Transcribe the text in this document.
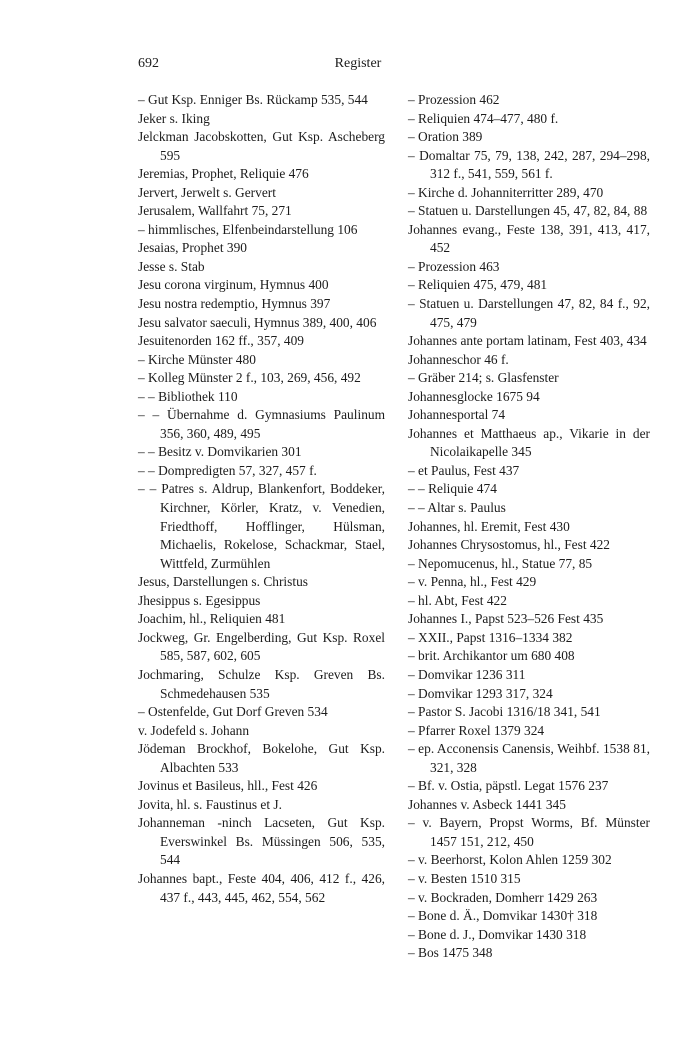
692	Register

– Gut Ksp. Enniger Bs. Rückamp 535, 544

Jeker s. Iking

Jelckman Jacobskotten, Gut Ksp. Ascheberg 595

Jeremias, Prophet, Reliquie 476

Jervert, Jerwelt s. Gervert

Jerusalem, Wallfahrt 75, 271

– himmlisches, Elfenbeindarstellung 106

Jesaias, Prophet 390

Jesse s. Stab

Jesu corona virginum, Hymnus 400

Jesu nostra redemptio, Hymnus 397

Jesu salvator saeculi, Hymnus 389, 400, 406

Jesuitenorden 162 ff., 357, 409

– Kirche Münster 480

– Kolleg Münster 2 f., 103, 269, 456, 492

– – Bibliothek 110

– – Übernahme d. Gymnasiums Paulinum 356, 360, 489, 495

– – Besitz v. Domvikarien 301

– – Dompredigten 57, 327, 457 f.

– – Patres s. Aldrup, Blankenfort, Boddeker, Kirchner, Körler, Kratz, v. Venedien, Friedthoff, Hofflinger, Hülsman, Michaelis, Rokelose, Schackmar, Stael, Wittfeld, Zurmühlen

Jesus, Darstellungen s. Christus

Jhesippus s. Egesippus

Joachim, hl., Reliquien 481

Jockweg, Gr. Engelberding, Gut Ksp. Roxel 585, 587, 602, 605

Jochmaring, Schulze Ksp. Greven Bs. Schmedehausen 535

– Ostenfelde, Gut Dorf Greven 534

v. Jodefeld s. Johann

Jödeman Brockhof, Bokelohe, Gut Ksp. Albachten 533

Jovinus et Basileus, hll., Fest 426

Jovita, hl. s. Faustinus et J.

Johanneman -ninch Lacseten, Gut Ksp. Everswinkel Bs. Müssingen 506, 535, 544

Johannes bapt., Feste 404, 406, 412 f., 426, 437 f., 443, 445, 462, 554, 562

– Prozession 462

– Reliquien 474–477, 480 f.

– Oration 389

– Domaltar 75, 79, 138, 242, 287, 294–298, 312 f., 541, 559, 561 f.

– Kirche d. Johanniterritter 289, 470

– Statuen u. Darstellungen 45, 47, 82, 84, 88

Johannes evang., Feste 138, 391, 413, 417, 452

– Prozession 463

– Reliquien 475, 479, 481

– Statuen u. Darstellungen 47, 82, 84 f., 92, 475, 479

Johannes ante portam latinam, Fest 403, 434

Johanneschor 46 f.

– Gräber 214; s. Glasfenster

Johannesglocke 1675 94

Johannesportal 74

Johannes et Matthaeus ap., Vikarie in der Nicolaikapelle 345

– et Paulus, Fest 437

– – Reliquie 474

– – Altar s. Paulus

Johannes, hl. Eremit, Fest 430

Johannes Chrysostomus, hl., Fest 422

– Nepomucenus, hl., Statue 77, 85

– v. Penna, hl., Fest 429

– hl. Abt, Fest 422

Johannes I., Papst 523–526 Fest 435

– XXII., Papst 1316–1334 382

– brit. Archikantor um 680 408

– Domvikar 1236 311

– Domvikar 1293 317, 324

– Pastor S. Jacobi 1316/18 341, 541

– Pfarrer Roxel 1379 324

– ep. Acconensis Canensis, Weihbf. 1538 81, 321, 328

– Bf. v. Ostia, päpstl. Legat 1576 237

Johannes v. Asbeck 1441 345

– v. Bayern, Propst Worms, Bf. Münster 1457 151, 212, 450

– v. Beerhorst, Kolon Ahlen 1259 302

– v. Besten 1510 315

– v. Bockraden, Domherr 1429 263

– Bone d. Ä., Domvikar 1430† 318

– Bone d. J., Domvikar 1430 318

– Bos 1475 348
